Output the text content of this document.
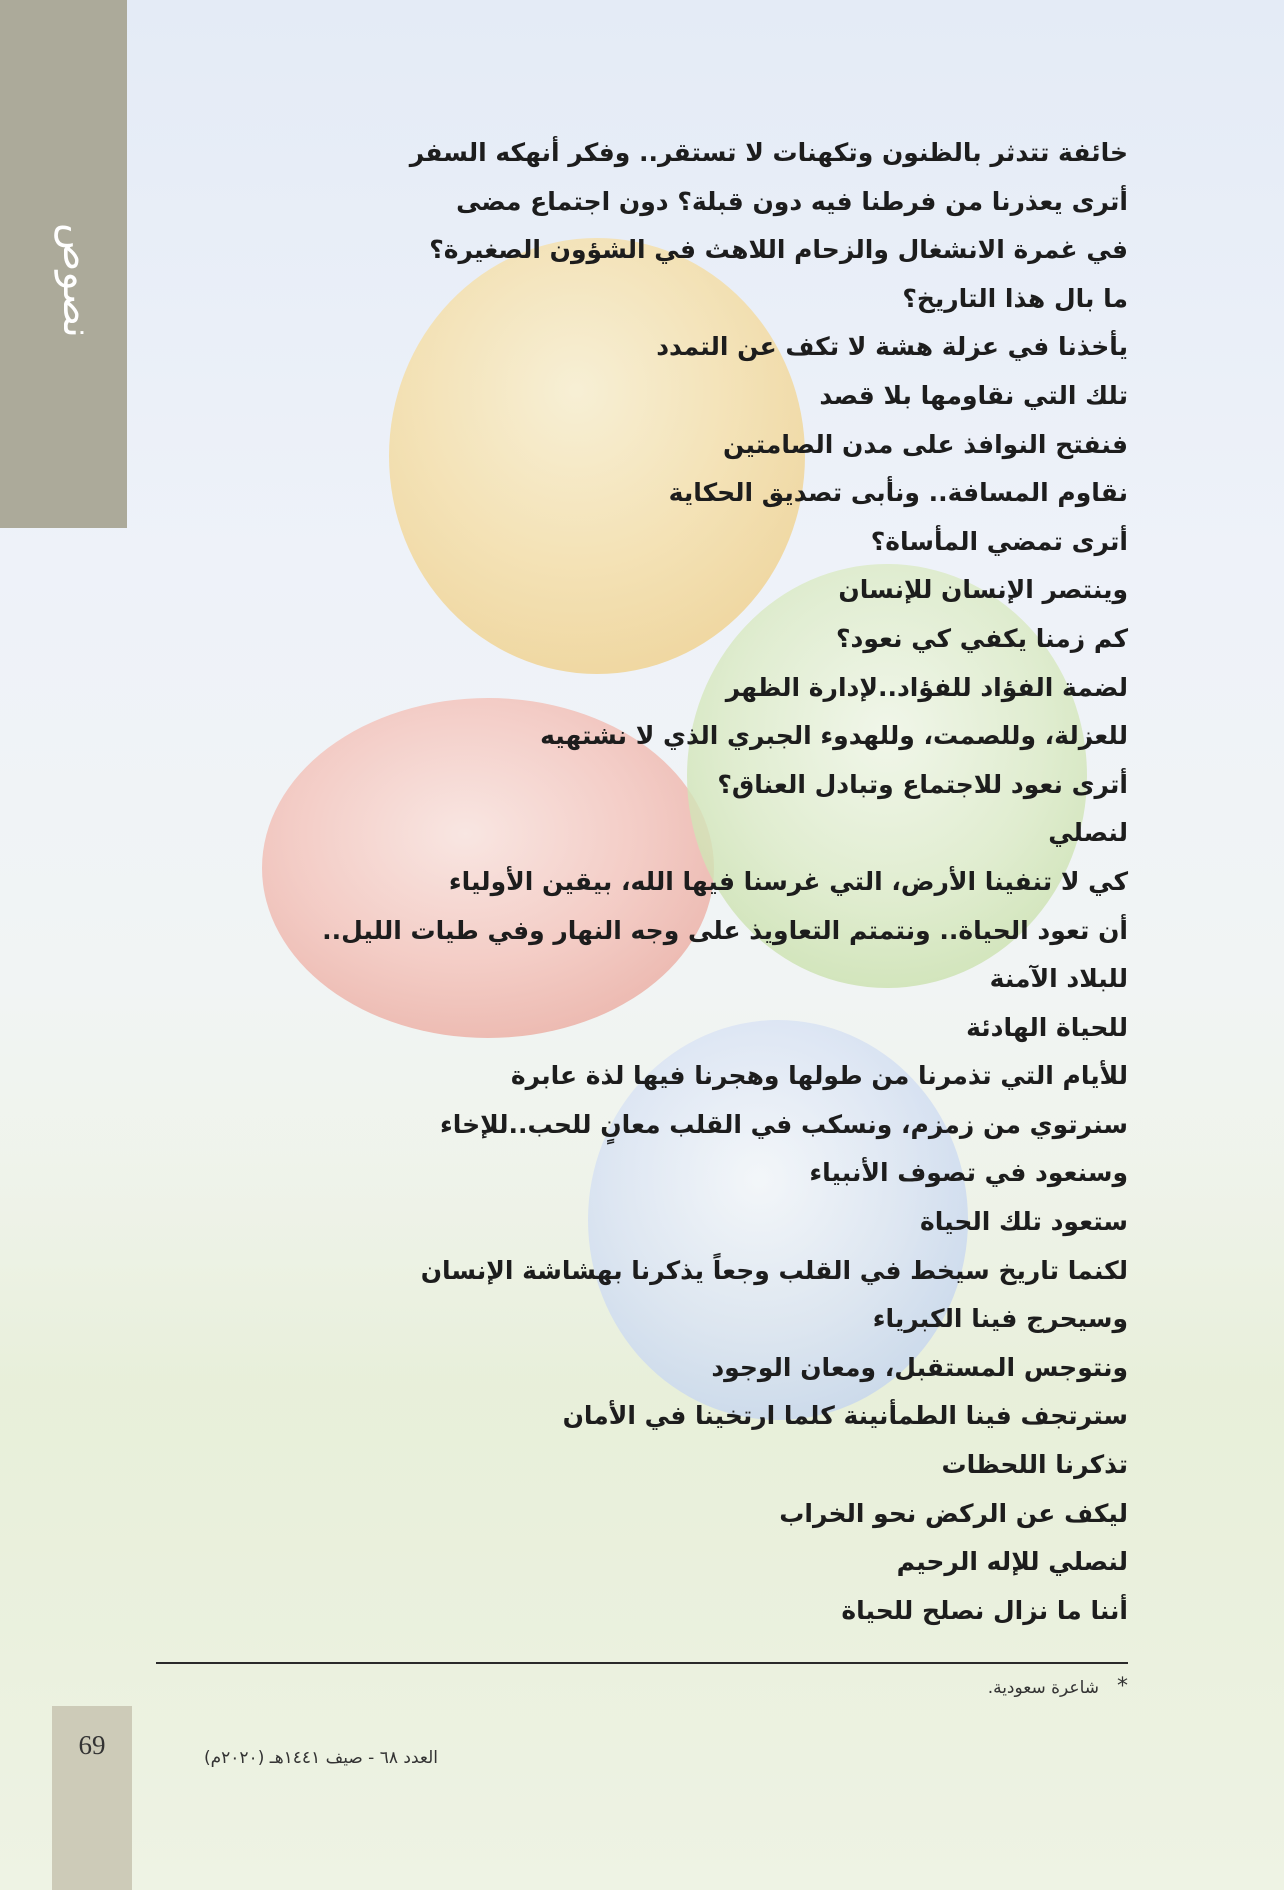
نصوص
خائفة تتدثر بالظنون وتكهنات لا تستقر.. وفكر أنهكه السفر
أترى يعذرنا من فرطنا فيه دون قبلة؟ دون اجتماع مضى
في غمرة الانشغال والزحام اللاهث في الشؤون الصغيرة؟
ما بال هذا التاريخ؟
يأخذنا في عزلة هشة لا تكف عن التمدد
تلك التي نقاومها بلا قصد
فنفتح النوافذ على مدن الصامتين
نقاوم المسافة.. ونأبى تصديق الحكاية
أترى تمضي المأساة؟
وينتصر الإنسان للإنسان
كم زمنا يكفي كي نعود؟
لضمة الفؤاد للفؤاد..لإدارة الظهر
للعزلة، وللصمت، وللهدوء الجبري الذي لا نشتهيه
أترى نعود للاجتماع وتبادل العناق؟
لنصلي
كي لا تنفينا الأرض، التي غرسنا فيها الله، بيقين الأولياء
أن تعود الحياة.. ونتمتم التعاويذ على وجه النهار وفي طيات الليل..
للبلاد الآمنة
للحياة الهادئة
للأيام التي تذمرنا من طولها وهجرنا فيها لذة عابرة
سنرتوي من زمزم، ونسكب في القلب معانٍ للحب..للإخاء
وسنعود في تصوف الأنبياء
ستعود تلك الحياة
لكنما تاريخ سيخط في القلب وجعاً يذكرنا بهشاشة الإنسان
وسيحرج فينا الكبرياء
ونتوجس المستقبل، ومعان الوجود
سترتجف فينا الطمأنينة كلما ارتخينا في الأمان
تذكرنا اللحظات
ليكف عن الركض نحو الخراب
لنصلي للإله الرحيم
أننا ما نزال نصلح للحياة
*شاعرة سعودية.
69	العدد ٦٨ - صيف ١٤٤١هـ (٢٠٢٠م)
